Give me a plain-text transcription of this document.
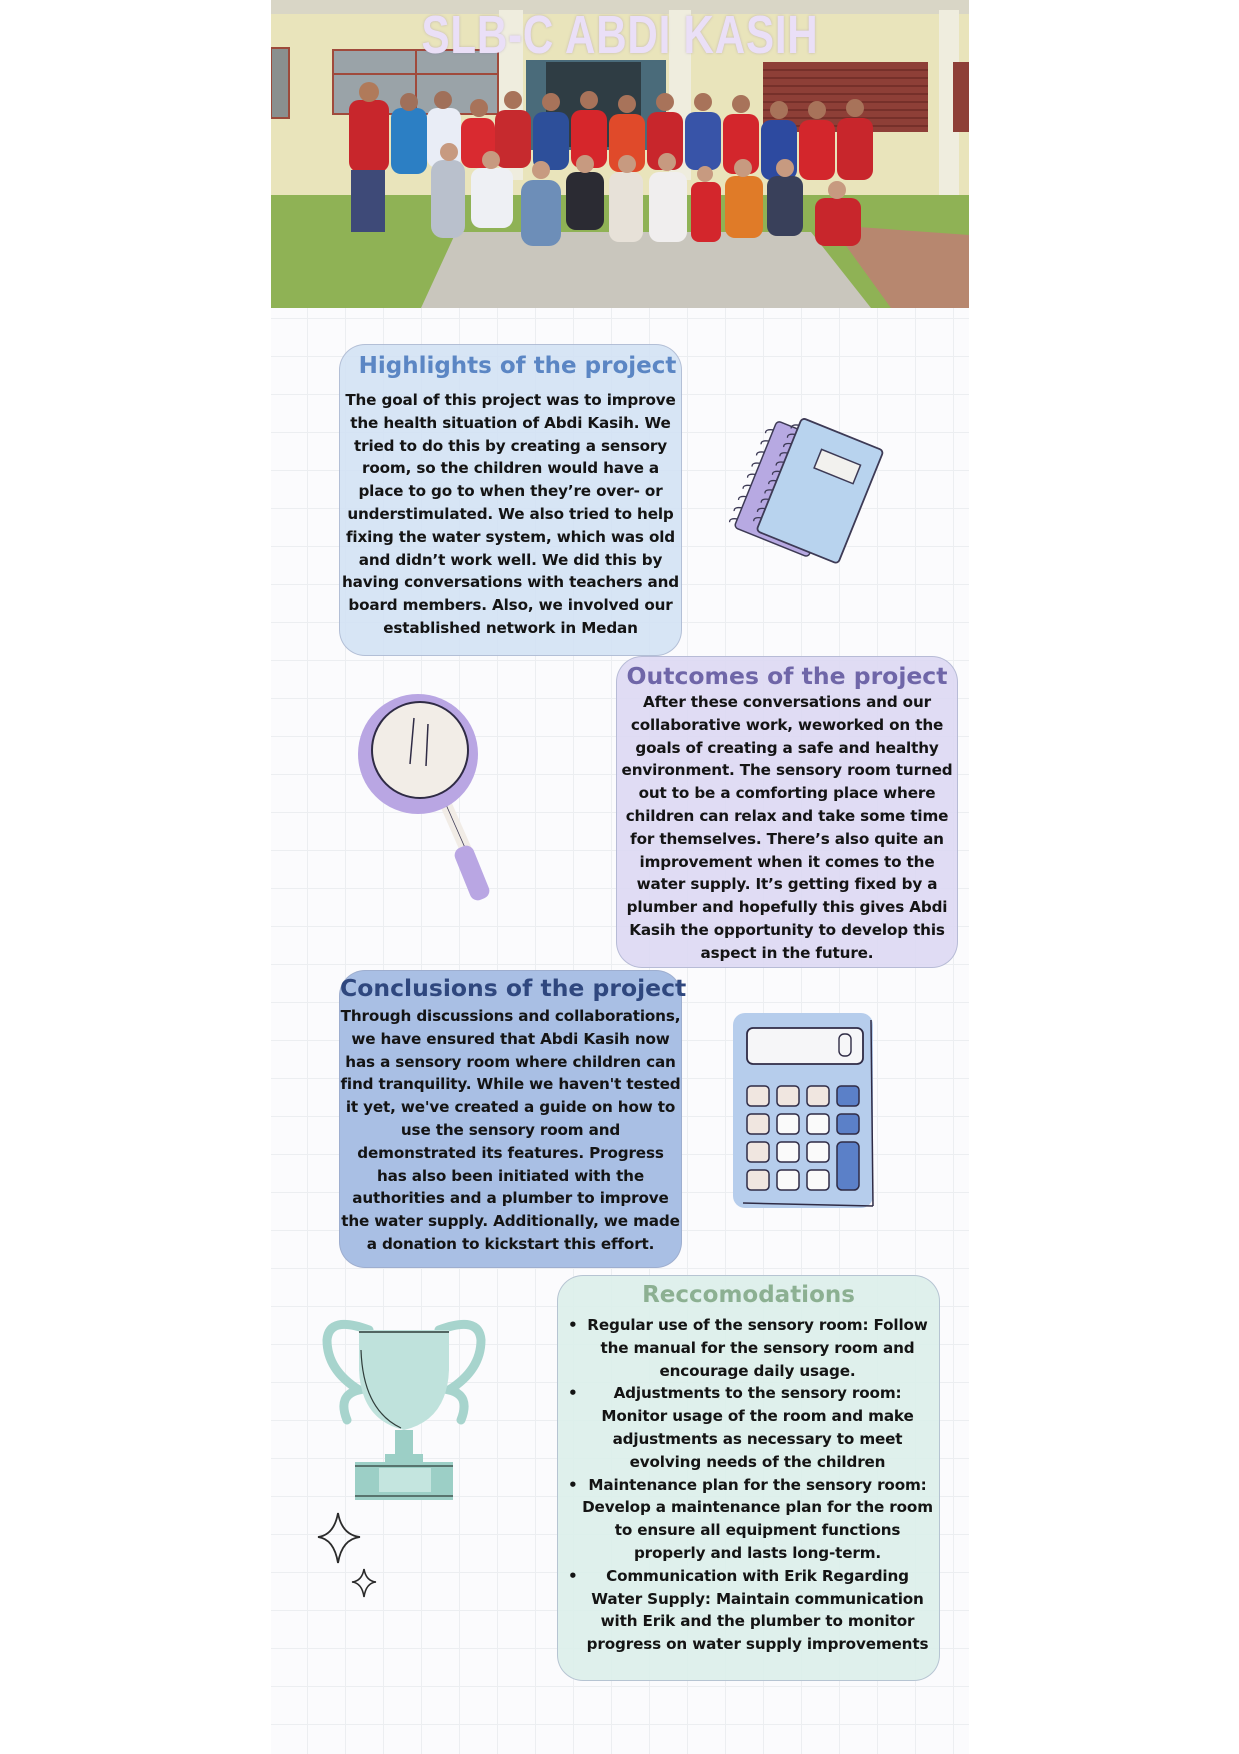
SLB-C ABDI KASIH
Highlights of the project

The goal of this project was to improve the health situation of Abdi Kasih. We tried to do this by creating a sensory room, so the children would have a place to go to when they’re over- or understimulated. We also tried to help fixing the water system, which was old and didn’t work well. We did this by having conversations with teachers and board members. Also, we involved our established network in Medan

Outcomes of the project

After these conversations and our collaborative work, weworked on the goals of creating a safe and healthy environment. The sensory room turned out to be a comforting place where children can relax and take some time for themselves. There’s also quite an improvement when it comes to the water supply. It’s getting fixed by a plumber and hopefully this gives Abdi Kasih the opportunity to develop this aspect in the future.

Conclusions of the project

Through discussions and collaborations, we have ensured that Abdi Kasih now has a sensory room where children can find tranquility. While we haven't tested it yet, we've created a guide on how to use the sensory room and demonstrated its features. Progress has also been initiated with the authorities and a plumber to improve the water supply. Additionally, we made a donation to kickstart this effort.

Reccomodations
• Regular use of the sensory room: Follow the manual for the sensory room and encourage daily usage.
• Adjustments to the sensory room: Monitor usage of the room and make adjustments as necessary to meet evolving needs of the children
• Maintenance plan for the sensory room: Develop a maintenance plan for the room to ensure all equipment functions properly and lasts long-term.
• Communication with Erik Regarding Water Supply: Maintain communication with Erik and the plumber to monitor progress on water supply improvements
